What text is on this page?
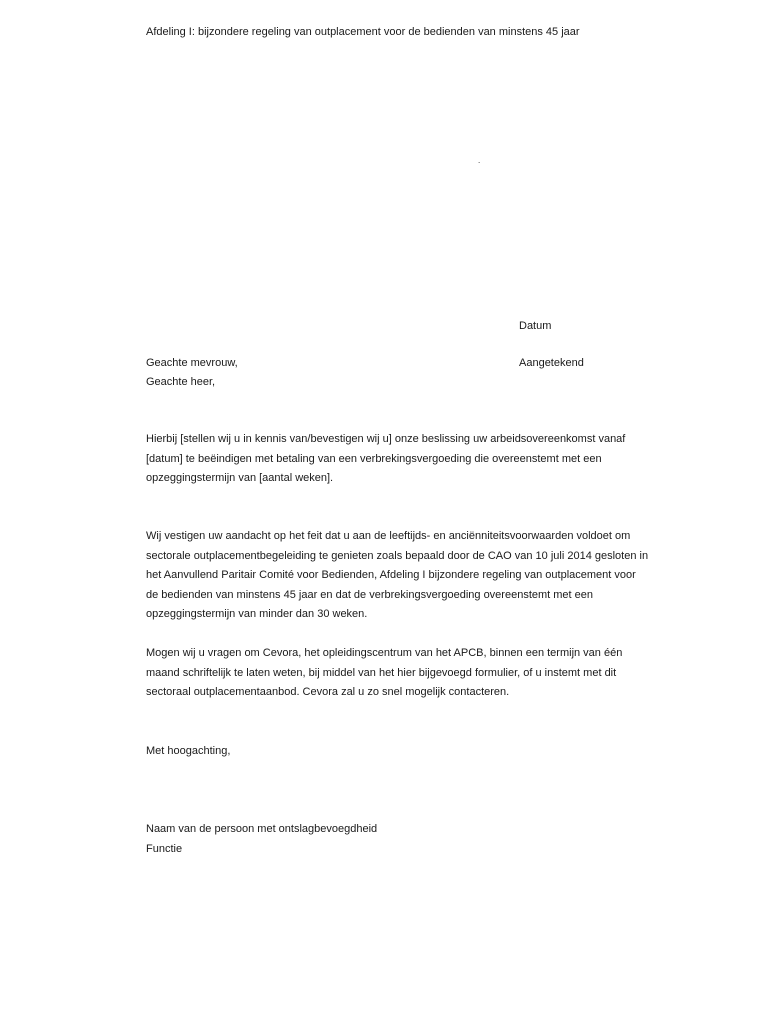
Afdeling I: bijzondere regeling van outplacement voor de bedienden van minstens 45 jaar
.
Datum
Geachte mevrouw,	Aangetekend
Geachte heer,
Hierbij [stellen wij u in kennis van/bevestigen wij u] onze beslissing uw arbeidsovereenkomst vanaf
[datum] te beëindigen met betaling van een verbrekingsvergoeding die overeenstemt met een
opzeggingstermijn van [aantal weken].
Wij vestigen uw aandacht op het feit dat u aan de leeftijds- en anciënniteitsvoorwaarden voldoet om
sectorale outplacementbegeleiding te genieten zoals bepaald door de CAO van 10 juli 2014 gesloten in
het Aanvullend Paritair Comité voor Bedienden, Afdeling I bijzondere regeling van outplacement voor
de bedienden van minstens 45 jaar en dat de verbrekingsvergoeding overeenstemt met een
opzeggingstermijn van minder dan 30 weken.
Mogen wij u vragen om Cevora, het opleidingscentrum van het APCB, binnen een termijn van één
maand schriftelijk te laten weten, bij middel van het hier bijgevoegd formulier, of u instemt met dit
sectoraal outplacementaanbod. Cevora zal u zo snel mogelijk contacteren.
Met hoogachting,
Naam van de persoon met ontslagbevoegdheid
Functie
